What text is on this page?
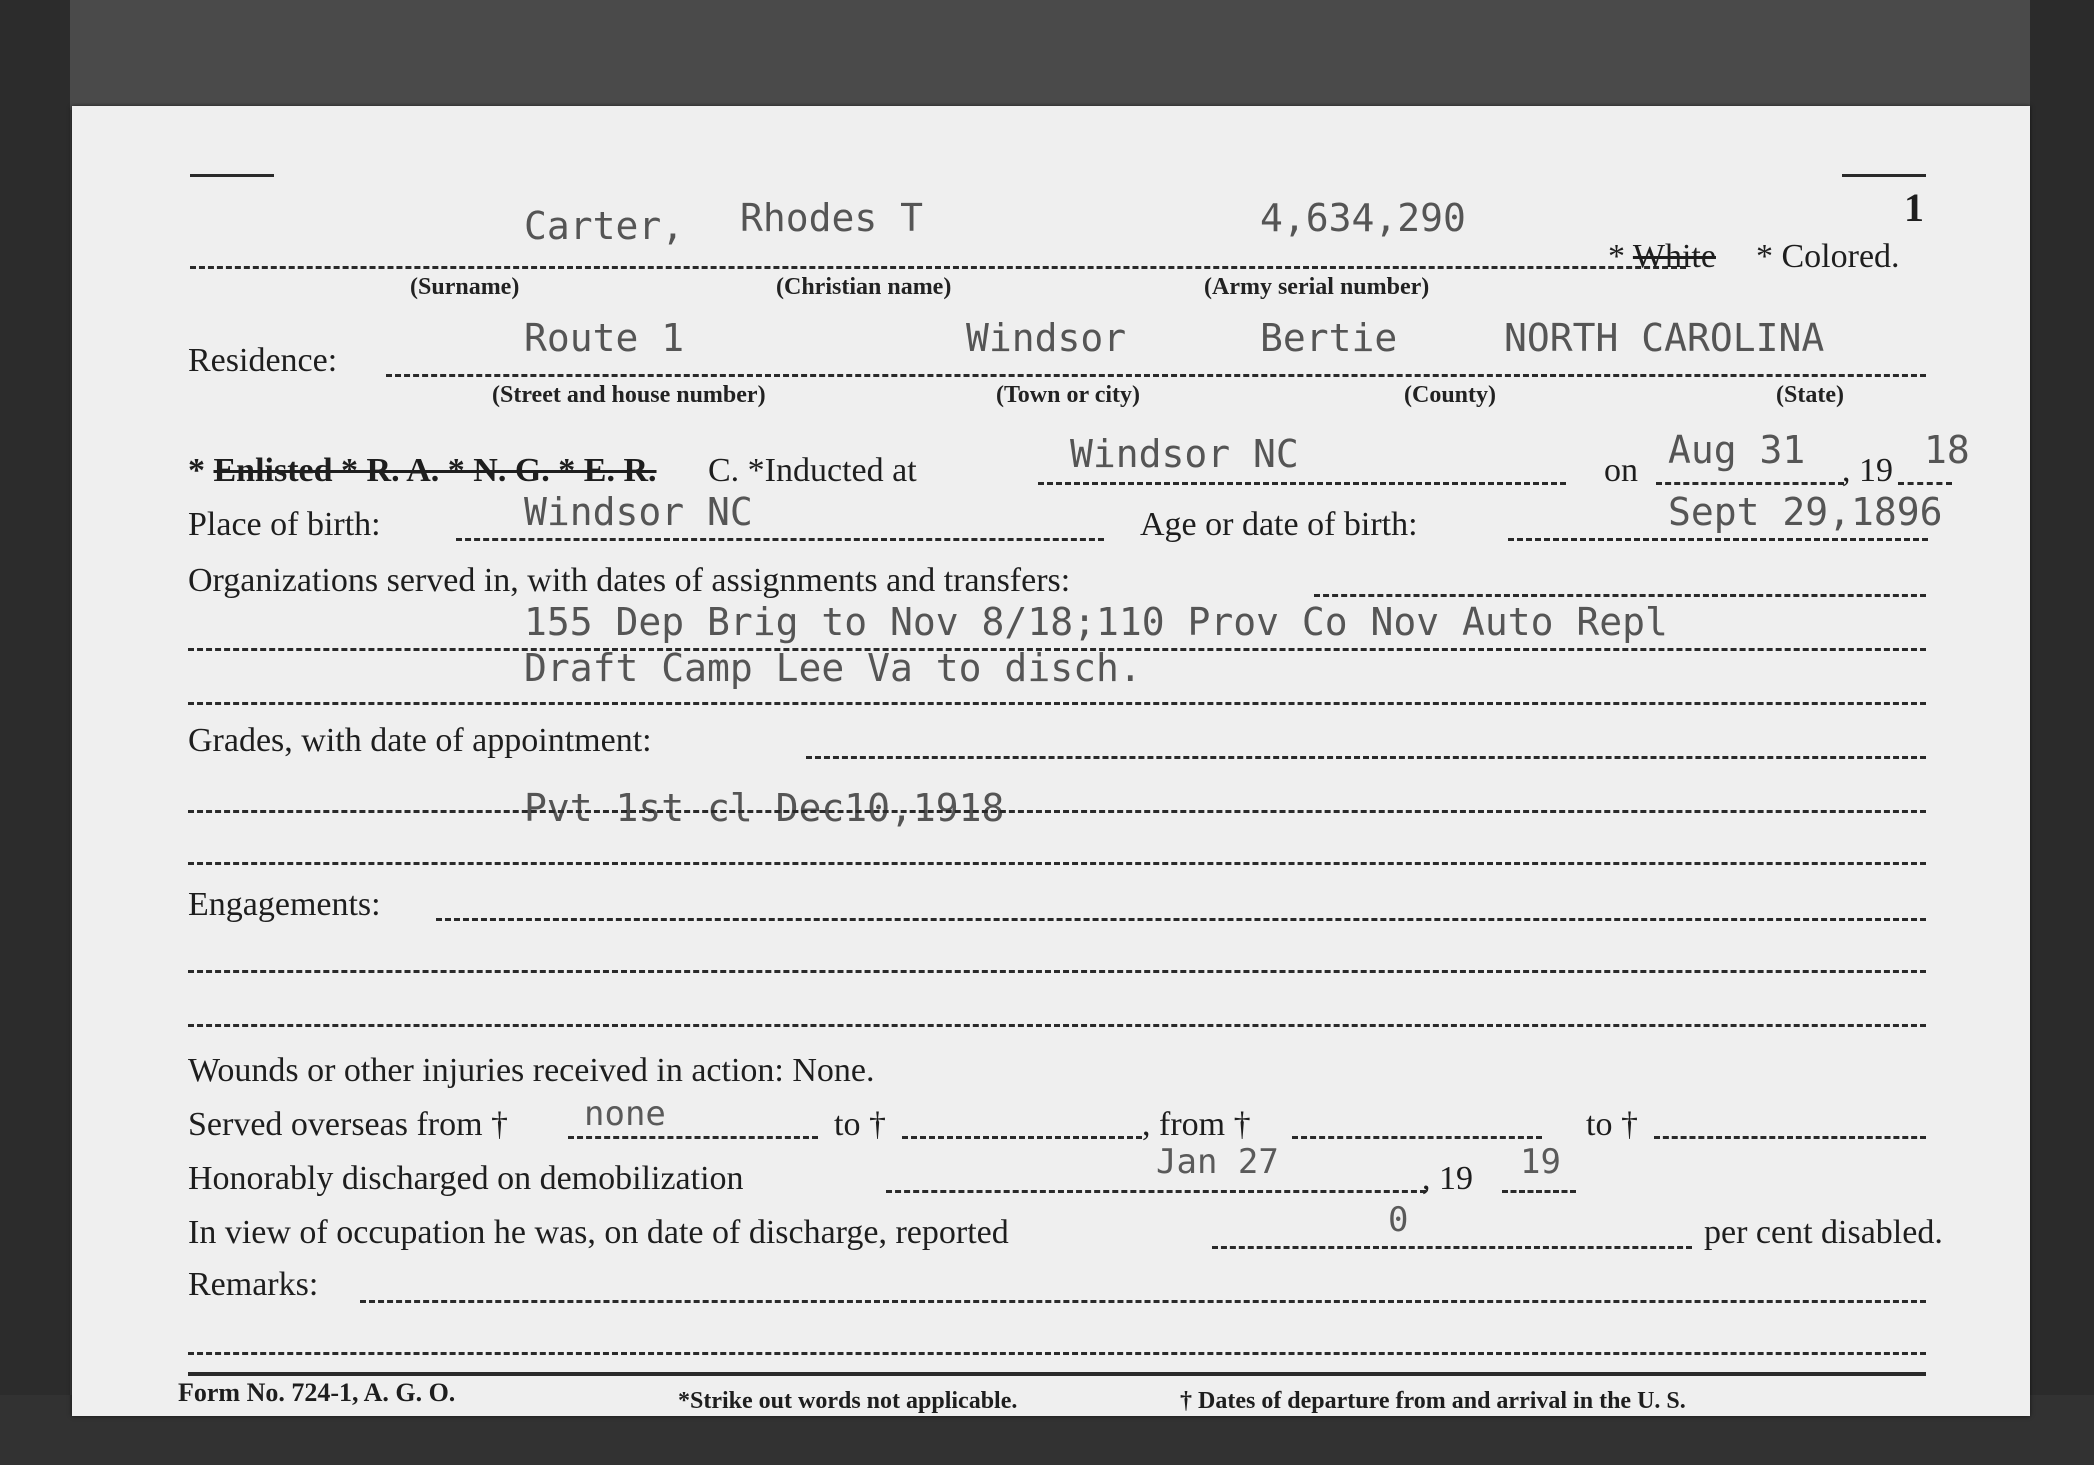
1
Carter, Rhodes T	4,634,290
* White * Colored.
(Surname)	(Christian name)	(Army serial number)
Residence:
Route 1	Windsor	Bertie	NORTH CAROLINA
(Street and house number)	(Town or city)	(County)	(State)
* Enlisted * R. A. * N. G. * E. R. C. *Inducted at	Windsor NC	on Aug 31 , 19 18
Place of birth:	Windsor NC	Age or date of birth:	Sept 29,1896
Organizations served in, with dates of assignments and transfers:
155 Dep Brig to Nov 8/18;110 Prov Co Nov Auto Repl
Draft Camp Lee Va to disch.
Grades, with date of appointment:
Pvt 1st cl Dec10,1918
Engagements:
Wounds or other injuries received in action: None.
Served overseas from † none	to †	, from †	to †
Honorably discharged on demobilization	Jan 27	, 19 19
In view of occupation he was, on date of discharge, reported	0	per cent disabled.
Remarks:
Form No. 724-1, A. G. O.	*Strike out words not applicable.	† Dates of departure from and arrival in the U. S.
